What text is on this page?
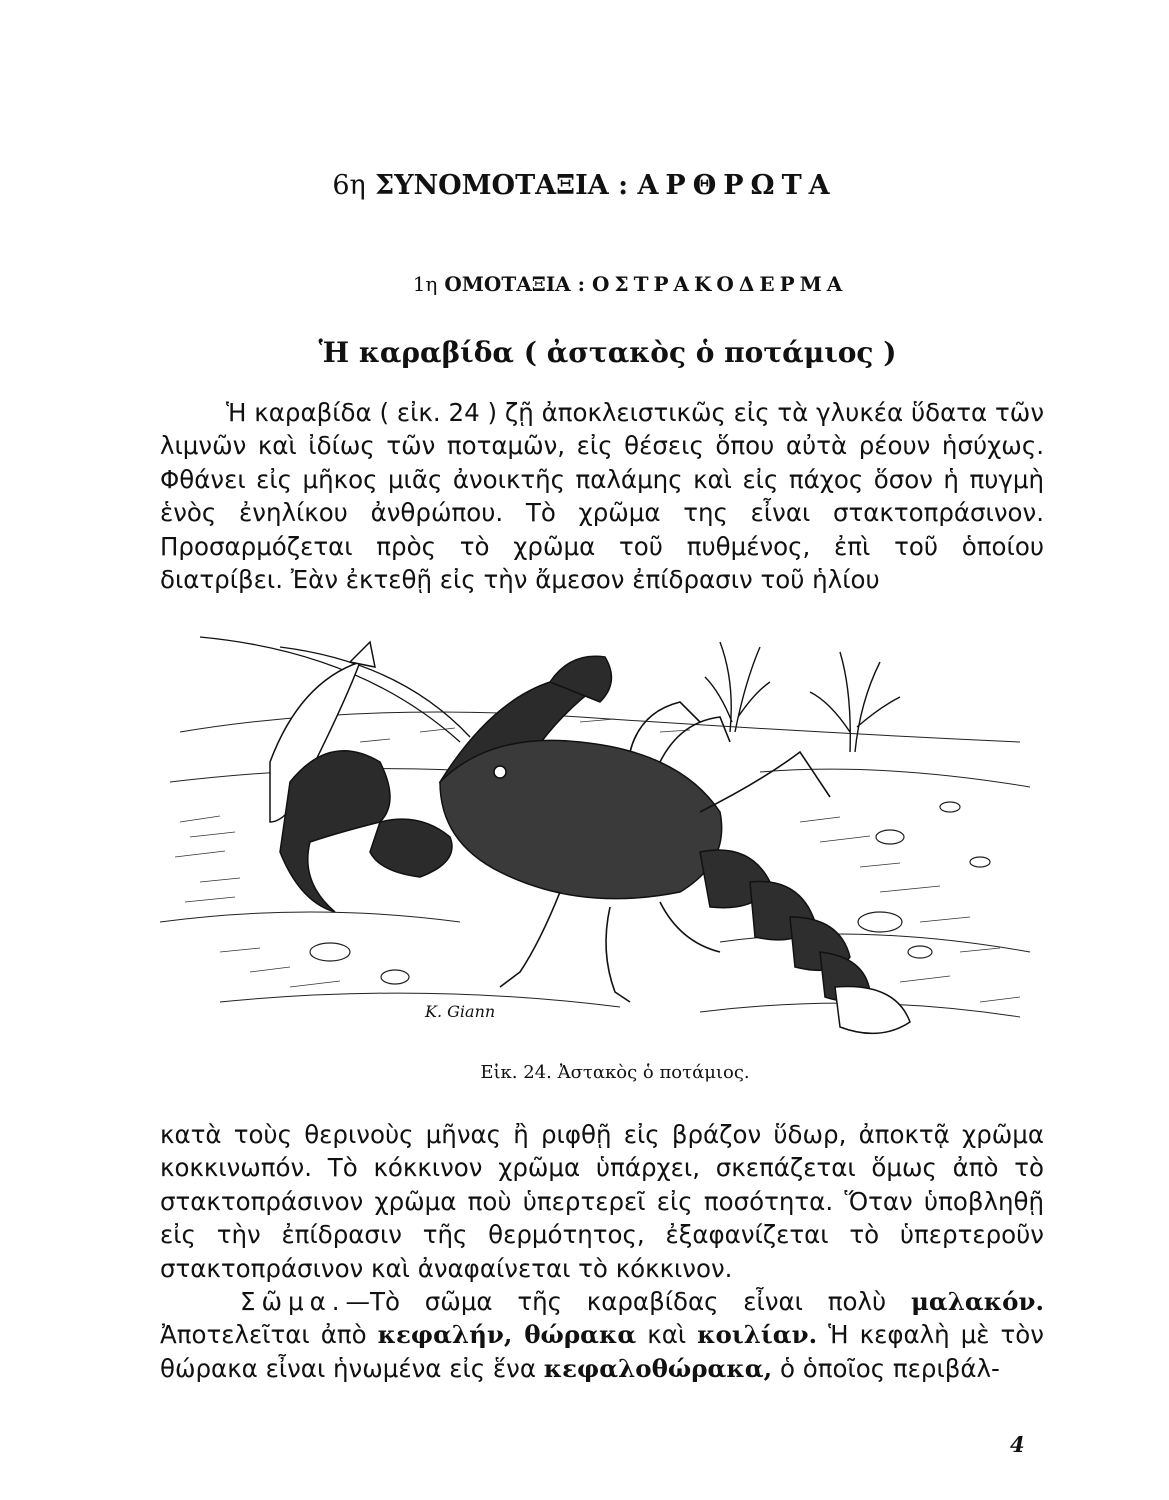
6η ΣΥΝΟΜΟΤΑΞΙΑ : ΑΡΘΡΩΤΑ
1η ΟΜΟΤΑΞΙΑ : ΟΣΤΡΑΚΟΔΕΡΜΑ
Ἡ καραβίδα ( ἀστακὸς ὁ ποτάμιος )

Ἡ καραβίδα ( εἰκ. 24 ) ζῇ ἀποκλειστικῶς εἰς τὰ γλυκέα ὕδατα τῶν λιμνῶν καὶ ἰδίως τῶν ποταμῶν, εἰς θέσεις ὅπου αὐτὰ ρέουν ἡσύχως. Φθάνει εἰς μῆκος μιᾶς ἀνοικτῆς παλάμης καὶ εἰς πάχος ὅσον ἡ πυγμὴ ἑνὸς ἐνηλίκου ἀνθρώπου. Τὸ χρῶμα της εἶναι στακτοπράσινον. Προσαρμόζεται πρὸς τὸ χρῶμα τοῦ πυθμένος, ἐπὶ τοῦ ὁποίου διατρίβει. Ἐὰν ἐκτεθῇ εἰς τὴν ἄμεσον ἐπίδρασιν τοῦ ἡλίου

K. Giann
Εἰκ. 24. Ἀστακὸς ὁ ποτάμιος.

κατὰ τοὺς θερινοὺς μῆνας ἢ ριφθῇ εἰς βράζον ὕδωρ, ἀποκτᾷ χρῶμα κοκκινωπόν. Τὸ κόκκινον χρῶμα ὑπάρχει, σκεπάζεται ὅμως ἀπὸ τὸ στακτοπράσινον χρῶμα ποὺ ὑπερτερεῖ εἰς ποσότητα. Ὅταν ὑποβληθῇ εἰς τὴν ἐπίδρασιν τῆς θερμότητος, ἐξαφανίζεται τὸ ὑπερτεροῦν στακτοπράσινον καὶ ἀναφαίνεται τὸ κόκκινον.

Σῶμα.—Τὸ σῶμα τῆς καραβίδας εἶναι πολὺ μαλακόν. Ἀποτελεῖται ἀπὸ κεφαλήν, θώρακα καὶ κοιλίαν. Ἡ κεφαλὴ μὲ τὸν θώρακα εἶναι ἡνωμένα εἰς ἕνα κεφαλοθώρακα, ὁ ὁποῖος περιβάλ-

4
